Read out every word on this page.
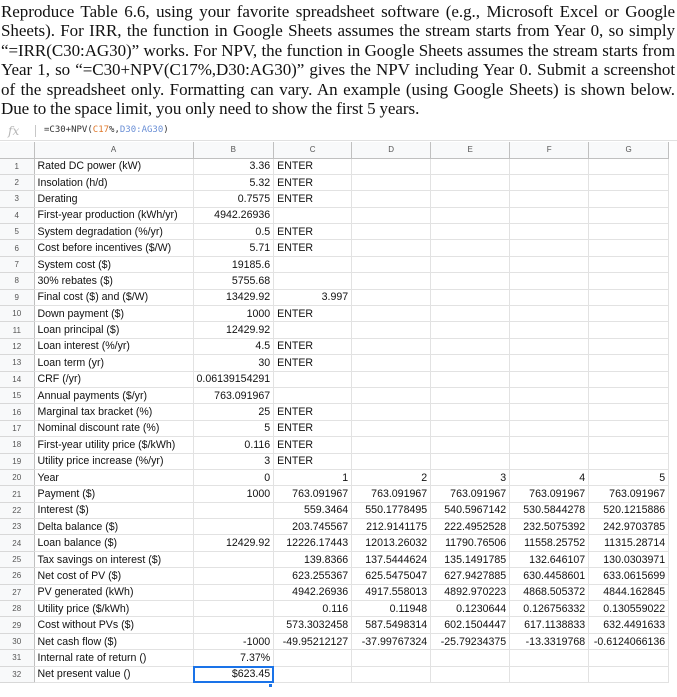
Reproduce Table 6.6, using your favorite spreadsheet software (e.g., Microsoft Excel or Google Sheets). For IRR, the function in Google Sheets assumes the stream starts from Year 0, so simply “=IRR(C30:AG30)” works. For NPV, the function in Google Sheets assumes the stream starts from Year 1, so “=C30+NPV(C17%,D30:AG30)” gives the NPV including Year 0. Submit a screenshot of the spreadsheet only. Formatting can vary. An example (using Google Sheets) is shown below. Due to the space limit, you only need to show the first 5 years.
fx	=C30+NPV(C17%,D30:AG30)
	A	B	C	D	E	F	G
1	Rated DC power (kW)	3.36	ENTER				
2	Insolation (h/d)	5.32	ENTER				
3	Derating	0.7575	ENTER				
4	First-year production (kWh/yr)	4942.26936					
5	System degradation (%/yr)	0.5	ENTER				
6	Cost before incentives ($/W)	5.71	ENTER				
7	System cost ($)	19185.6					
8	30% rebates ($)	5755.68					
9	Final cost ($) and ($/W)	13429.92	3.997				
10	Down payment ($)	1000	ENTER				
11	Loan principal ($)	12429.92					
12	Loan interest (%/yr)	4.5	ENTER				
13	Loan term (yr)	30	ENTER				
14	CRF (/yr)	0.06139154291					
15	Annual payments ($/yr)	763.091967					
16	Marginal tax bracket (%)	25	ENTER				
17	Nominal discount rate (%)	5	ENTER				
18	First-year utility price ($/kWh)	0.116	ENTER				
19	Utility price increase (%/yr)	3	ENTER				
20	Year	0	1	2	3	4	5
21	Payment ($)	1000	763.091967	763.091967	763.091967	763.091967	763.091967
22	Interest ($)		559.3464	550.1778495	540.5967142	530.5844278	520.1215886
23	Delta balance ($)		203.745567	212.9141175	222.4952528	232.5075392	242.9703785
24	Loan balance ($)	12429.92	12226.17443	12013.26032	11790.76506	11558.25752	11315.28714
25	Tax savings on interest ($)		139.8366	137.5444624	135.1491785	132.646107	130.0303971
26	Net cost of PV ($)		623.255367	625.5475047	627.9427885	630.4458601	633.0615699
27	PV generated (kWh)		4942.26936	4917.558013	4892.970223	4868.505372	4844.162845
28	Utility price ($/kWh)		0.116	0.11948	0.1230644	0.126756332	0.130559022
29	Cost without PVs ($)		573.3032458	587.5498314	602.1504447	617.1138833	632.4491633
30	Net cash flow ($)	-1000	-49.95212127	-37.99767324	-25.79234375	-13.3319768	-0.6124066136
31	Internal rate of return ()	7.37%					
32	Net present value ()	$623.45					
